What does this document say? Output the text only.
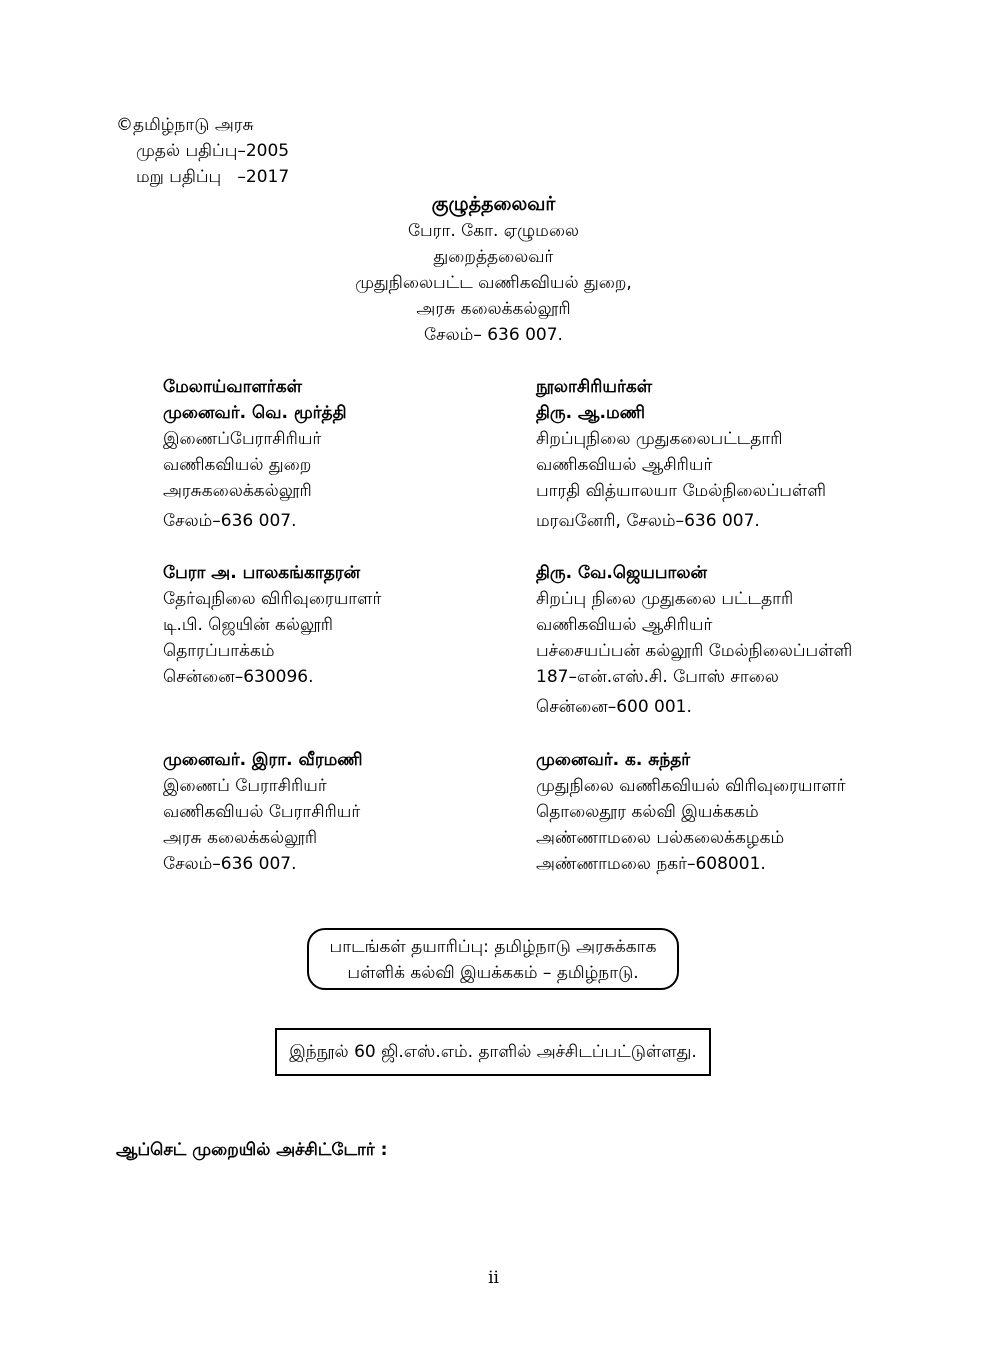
©தமிழ்நாடு அரசு
முதல் பதிப்பு–2005
மறு பதிப்பு   –2017
குழுத்தலைவர்
பேரா. கோ. ஏழுமலை
துறைத்தலைவர்
முதுநிலைபட்ட வணிகவியல் துறை,
அரசு கலைக்கல்லூரி
சேலம்– 636 007.
மேலாய்வாளர்கள்
முனைவர். வெ. மூர்த்தி
இணைப்பேராசிரியர்
வணிகவியல் துறை
அரசுகலைக்கல்லூரி
சேலம்–636 007.
பேரா அ. பாலகங்காதரன்
தேர்வுநிலை விரிவுரையாளர்
டி.பி. ஜெயின் கல்லூரி
தொரப்பாக்கம்
சென்னை–630096.
முனைவர். இரா. வீரமணி
இணைப் பேராசிரியர்
வணிகவியல் பேராசிரியர்
அரசு கலைக்கல்லூரி
சேலம்–636 007.
நூலாசிரியர்கள்
திரு. ஆ.மணி
சிறப்புநிலை முதுகலைபட்டதாரி
வணிகவியல் ஆசிரியர்
பாரதி வித்யாலயா மேல்நிலைப்பள்ளி
மரவனேரி, சேலம்–636 007.
திரு. வே.ஜெயபாலன்
சிறப்பு நிலை முதுகலை பட்டதாரி
வணிகவியல் ஆசிரியர்
பச்சையப்பன் கல்லூரி மேல்நிலைப்பள்ளி
187–என்.எஸ்.சி. போஸ் சாலை
சென்னை–600 001.
முனைவர். க. சுந்தர்
முதுநிலை வணிகவியல் விரிவுரையாளர்
தொலைதூர கல்வி இயக்ககம்
அண்ணாமலை பல்கலைக்கழகம்
அண்ணாமலை நகர்–608001.
பாடங்கள் தயாரிப்பு: தமிழ்நாடு அரசுக்காக
பள்ளிக் கல்வி இயக்ககம் – தமிழ்நாடு.
இந்நூல் 60 ஜி.எஸ்.எம். தாளில் அச்சிடப்பட்டுள்ளது.
ஆப்செட் முறையில் அச்சிட்டோர் :
ii
